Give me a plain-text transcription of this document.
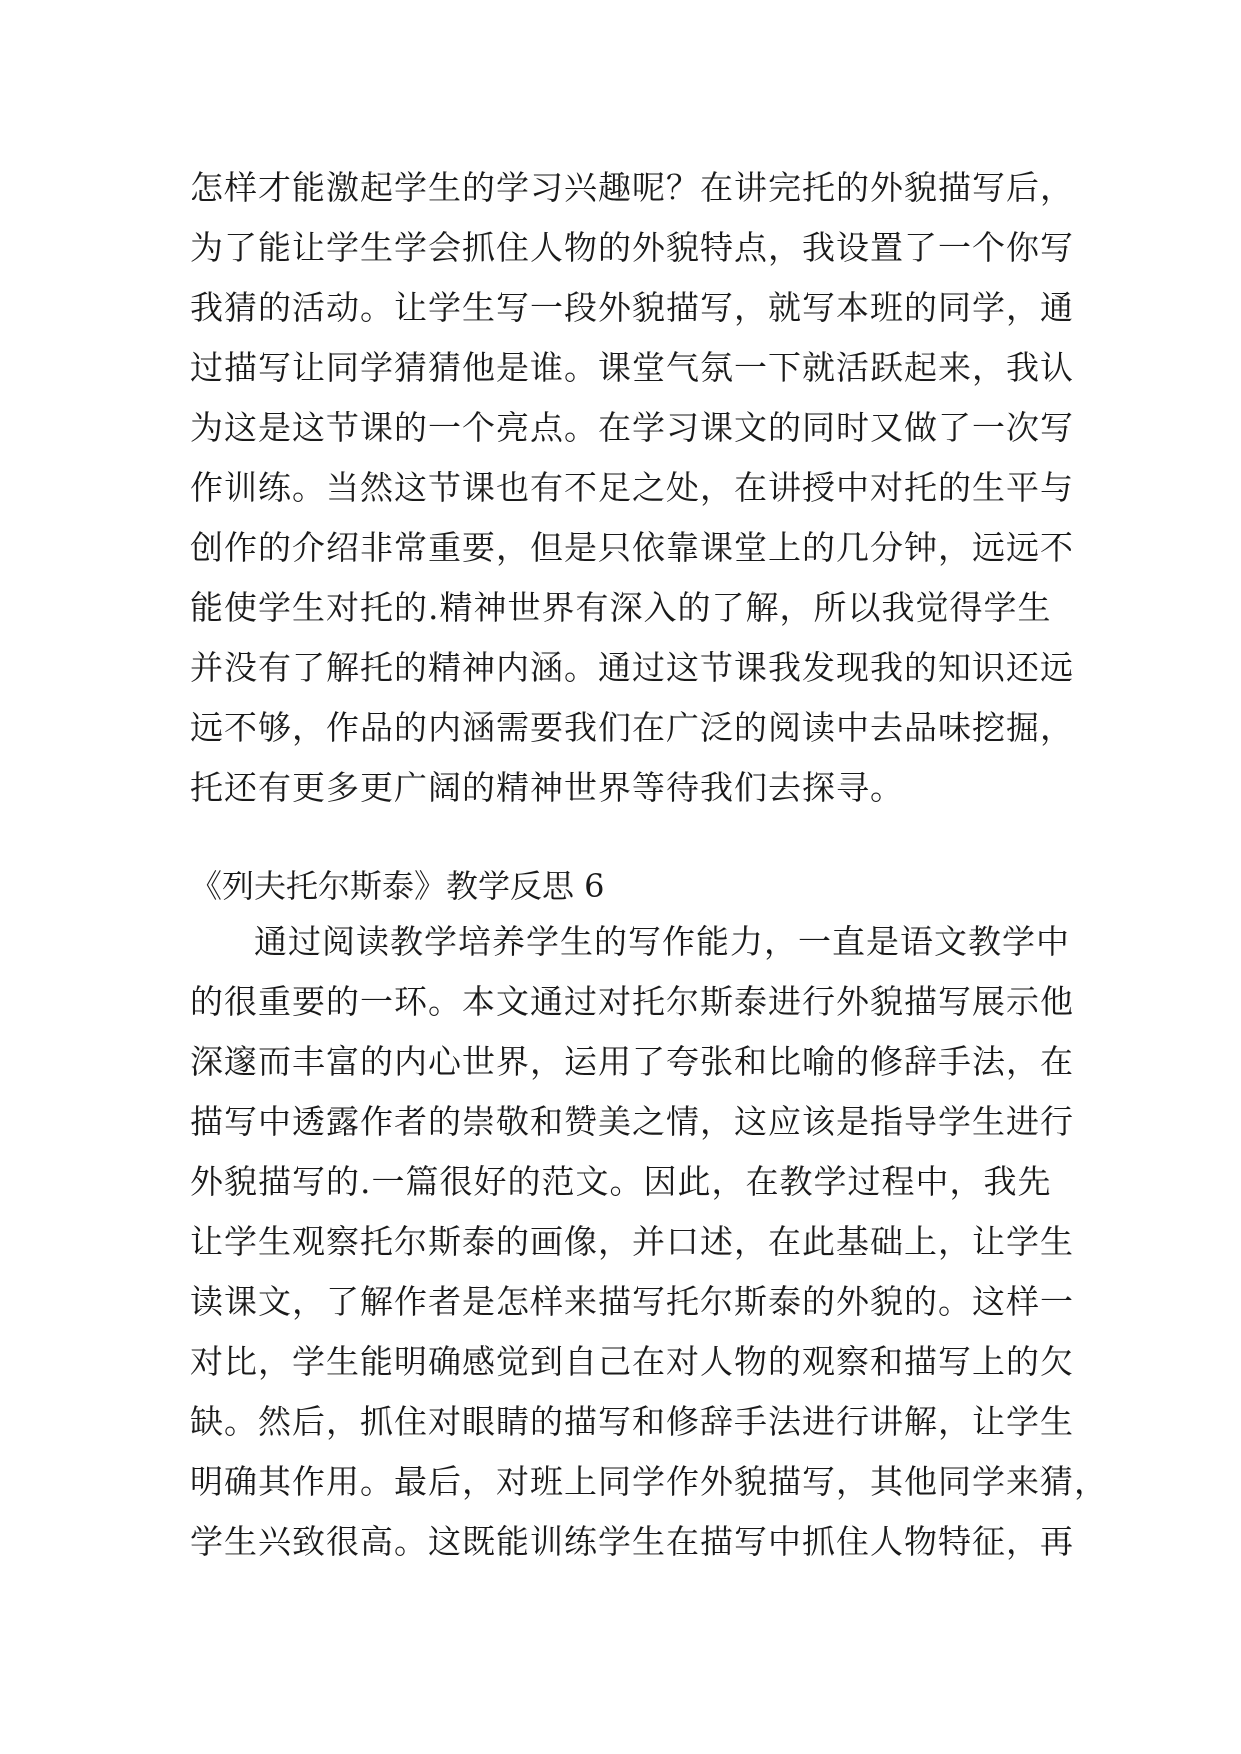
怎样才能激起学生的学习兴趣呢？在讲完托的外貌描写后，
为了能让学生学会抓住人物的外貌特点，我设置了一个你写
我猜的活动。让学生写一段外貌描写，就写本班的同学，通
过描写让同学猜猜他是谁。课堂气氛一下就活跃起来，我认
为这是这节课的一个亮点。在学习课文的同时又做了一次写
作训练。当然这节课也有不足之处，在讲授中对托的生平与
创作的介绍非常重要，但是只依靠课堂上的几分钟，远远不
能使学生对托的.精神世界有深入的了解，所以我觉得学生
并没有了解托的精神内涵。通过这节课我发现我的知识还远
远不够，作品的内涵需要我们在广泛的阅读中去品味挖掘，
托还有更多更广阔的精神世界等待我们去探寻。
《列夫托尔斯泰》教学反思 6
通过阅读教学培养学生的写作能力，一直是语文教学中
的很重要的一环。本文通过对托尔斯泰进行外貌描写展示他
深邃而丰富的内心世界，运用了夸张和比喻的修辞手法，在
描写中透露作者的崇敬和赞美之情，这应该是指导学生进行
外貌描写的.一篇很好的范文。因此，在教学过程中，我先
让学生观察托尔斯泰的画像，并口述，在此基础上，让学生
读课文，了解作者是怎样来描写托尔斯泰的外貌的。这样一
对比，学生能明确感觉到自己在对人物的观察和描写上的欠
缺。然后，抓住对眼睛的描写和修辞手法进行讲解，让学生
明确其作用。最后，对班上同学作外貌描写，其他同学来猜，
学生兴致很高。这既能训练学生在描写中抓住人物特征，再
